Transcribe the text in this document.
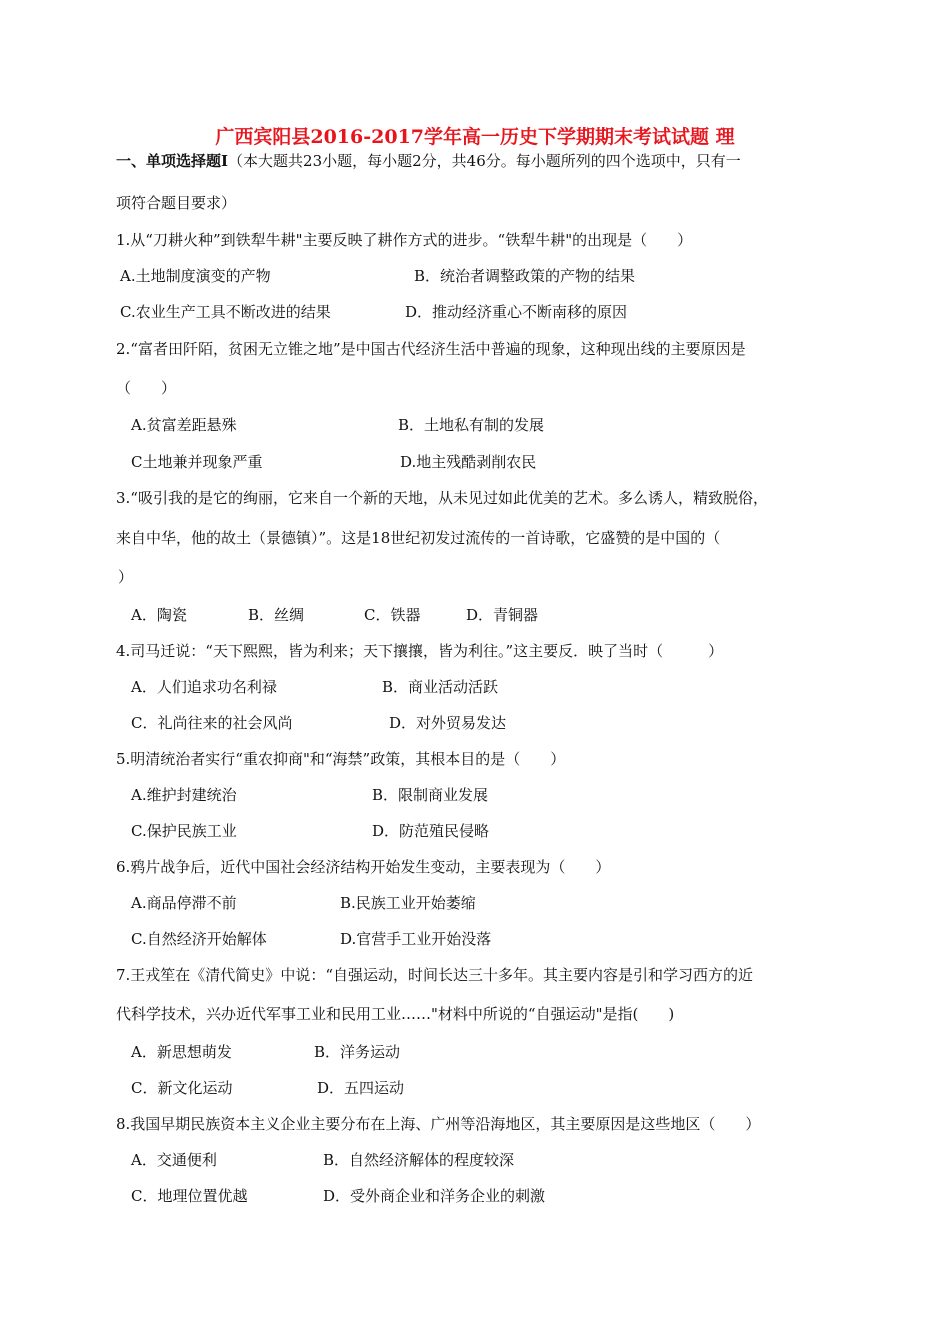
广西宾阳县2016-2017学年高一历史下学期期末考试试题 理
一、单项选择题Ⅰ（本大题共23小题，每小题2分，共46分。每小题所列的四个选项中，只有一
项符合题目要求）
1.从“刀耕火种”到铁犁牛耕"主要反映了耕作方式的进步。“铁犁牛耕"的出现是（　　）
A.土地制度演变的产物	B．统治者调整政策的产物的结果
C.农业生产工具不断改进的结果	D．推动经济重心不断南移的原因
2.“富者田阡陌，贫困无立锥之地”是中国古代经济生活中普遍的现象，这种现出线的主要原因是
（　　）
A.贫富差距悬殊	B．土地私有制的发展
C土地兼并现象严重	D.地主残酷剥削农民
3.“吸引我的是它的绚丽，它来自一个新的天地，从未见过如此优美的艺术。多么诱人，精致脱俗，
来自中华，他的故土（景德镇）”。这是18世纪初发过流传的一首诗歌，它盛赞的是中国的（
）
A．陶瓷	B．丝绸	C．铁器	D．青铜器
4.司马迁说：“天下熙熙，皆为利来；天下攘攘，皆为利往。”这主要反．映了当时（　　　）
A．人们追求功名利禄	B．商业活动活跃
C．礼尚往来的社会风尚	D．对外贸易发达
5.明清统治者实行“重农抑商"和“海禁”政策，其根本目的是（　　）
A.维护封建统治	B．限制商业发展
C.保护民族工业	D．防范殖民侵略
6.鸦片战争后，近代中国社会经济结构开始发生变动，主要表现为（　　）
A.商品停滞不前	B.民族工业开始萎缩
C.自然经济开始解体	D.官营手工业开始没落
7.王戎笙在《清代简史》中说：“自强运动，时间长达三十多年。其主要内容是引和学习西方的近
代科学技术，兴办近代军事工业和民用工业……"材料中所说的“自强运动"是指(　　)
A．新思想萌发	B．洋务运动
C．新文化运动	D．五四运动
8.我国早期民族资本主义企业主要分布在上海、广州等沿海地区，其主要原因是这些地区（　　）
A．交通便利	B．自然经济解体的程度较深
C．地理位置优越	D．受外商企业和洋务企业的刺激
